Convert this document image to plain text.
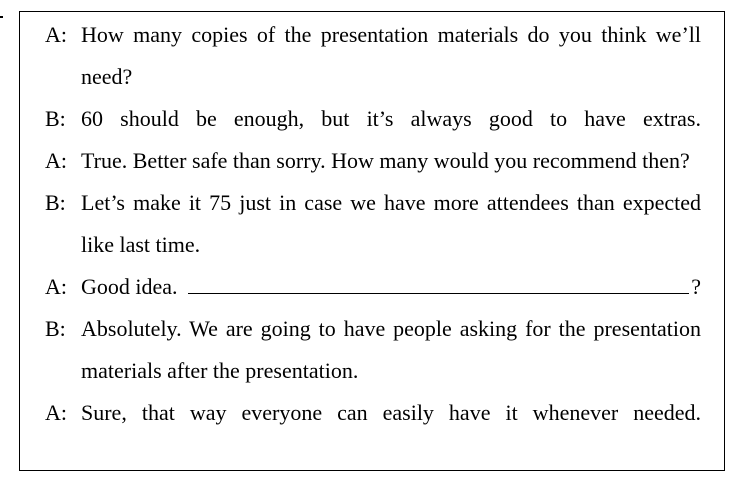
A: How many copies of the presentation materials do you think we’ll need?
B: 60 should be enough, but it’s always good to have extras.
A: True. Better safe than sorry. How many would you recommend then?
B: Let’s make it 75 just in case we have more attendees than expected like last time.
A: Good idea.	?
B: Absolutely. We are going to have people asking for the presentation materials after the presentation.
A: Sure, that way everyone can easily have it whenever needed.
